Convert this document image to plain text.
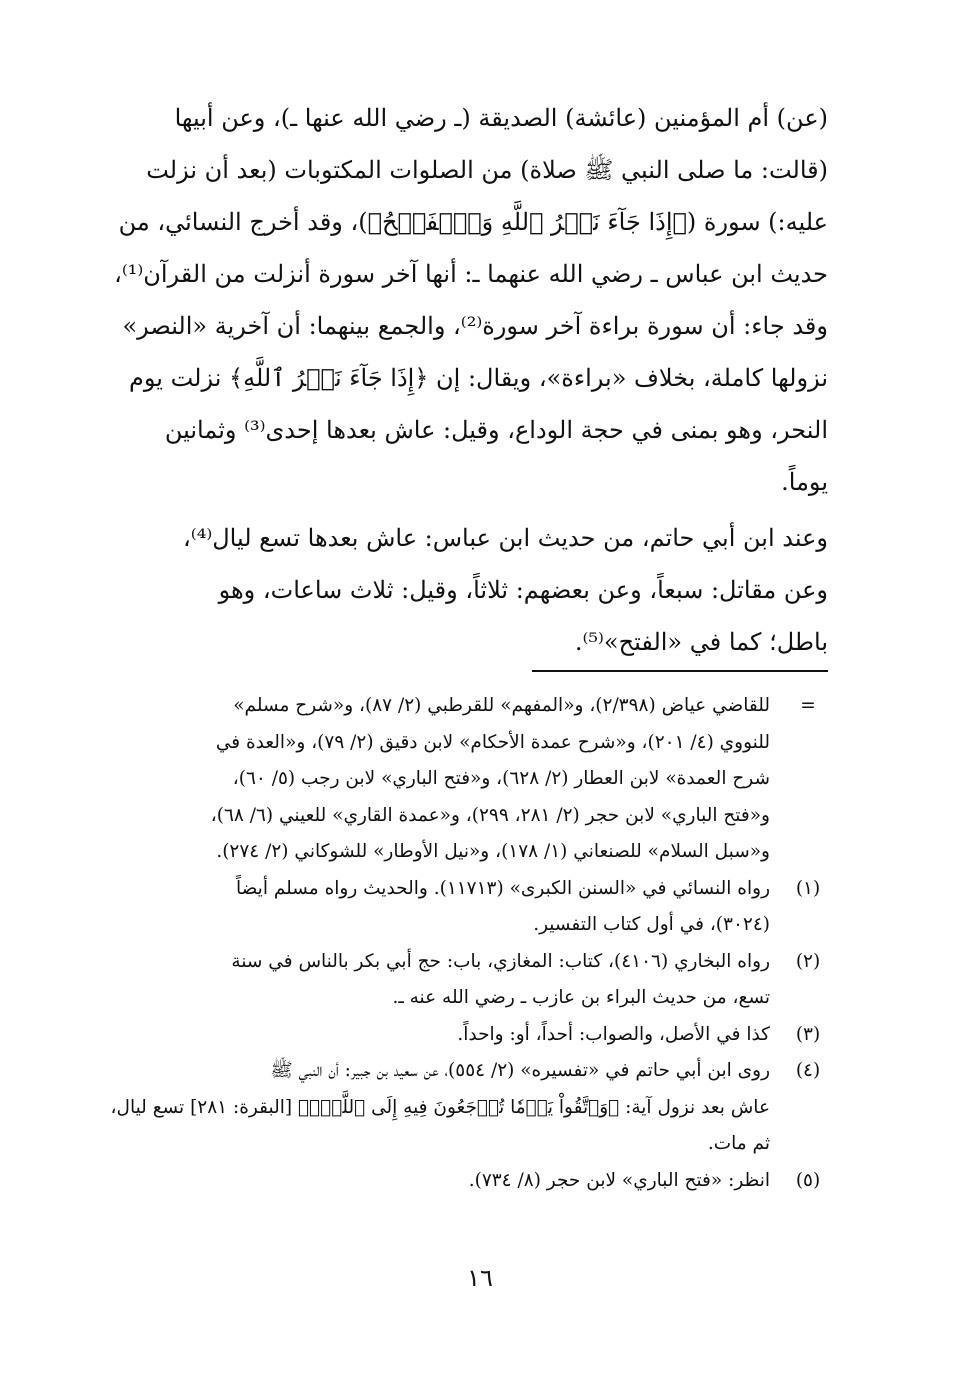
(عن) أم المؤمنين (عائشة) الصديقة (ـ رضي الله عنها ـ)، وعن أبيها
(قالت: ما صلى النبي ﷺ صلاة) من الصلوات المكتوبات (بعد أن نزلت
عليه:) سورة (﴿إِذَا جَآءَ نَصۡرُ ٱللَّهِ وَٱلۡفَتۡحُ﴾)، وقد أخرج النسائي، من
حديث ابن عباس ـ رضي الله عنهما ـ: أنها آخر سورة أنزلت من القرآن⁽¹⁾،
وقد جاء: أن سورة براءة آخر سورة⁽²⁾، والجمع بينهما: أن آخرية «النصر»
نزولها كاملة، بخلاف «براءة»، ويقال: إن ﴿إِذَا جَآءَ نَصۡرُ ٱللَّهِ﴾ نزلت يوم
النحر، وهو بمنى في حجة الوداع، وقيل: عاش بعدها إحدى⁽³⁾ وثمانين
يوماً.
وعند ابن أبي حاتم، من حديث ابن عباس: عاش بعدها تسع ليال⁽⁴⁾،
وعن مقاتل: سبعاً، وعن بعضهم: ثلاثاً، وقيل: ثلاث ساعات، وهو
باطل؛ كما في «الفتح»⁽⁵⁾.
=
للقاضي عياض (٢/٣٩٨)، و«المفهم» للقرطبي (٢/ ٨٧)، و«شرح مسلم»
للنووي (٤/ ٢٠١)، و«شرح عمدة الأحكام» لابن دقيق (٢/ ٧٩)، و«العدة في
شرح العمدة» لابن العطار (٢/ ٦٢٨)، و«فتح الباري» لابن رجب (٥/ ٦٠)،
و«فتح الباري» لابن حجر (٢/ ٢٨١، ٢٩٩)، و«عمدة القاري» للعيني (٦/ ٦٨)،
و«سبل السلام» للصنعاني (١/ ١٧٨)، و«نيل الأوطار» للشوكاني (٢/ ٢٧٤).
(١)
رواه النسائي في «السنن الكبرى» (١١٧١٣). والحديث رواه مسلم أيضاً
(٣٠٢٤)، في أول كتاب التفسير.
(٢)
رواه البخاري (٤١٠٦)، كتاب: المغازي، باب: حج أبي بكر بالناس في سنة
تسع، من حديث البراء بن عازب ـ رضي الله عنه ـ.
(٣)
كذا في الأصل، والصواب: أحداً، أو: واحداً.
(٤)
روى ابن أبي حاتم في «تفسيره» (٢/ ٥٥٤)، عن سعيد بن جبير: أن النبي ﷺ
عاش بعد نزول آية: ﴿وَٱتَّقُواْ يَوۡمٗا تُرۡجَعُونَ فِيهِ إِلَى ٱللَّهِۖ﴾ [البقرة: ٢٨١] تسع ليال،
ثم مات.
(٥)
انظر: «فتح الباري» لابن حجر (٨/ ٧٣٤).
١٦
